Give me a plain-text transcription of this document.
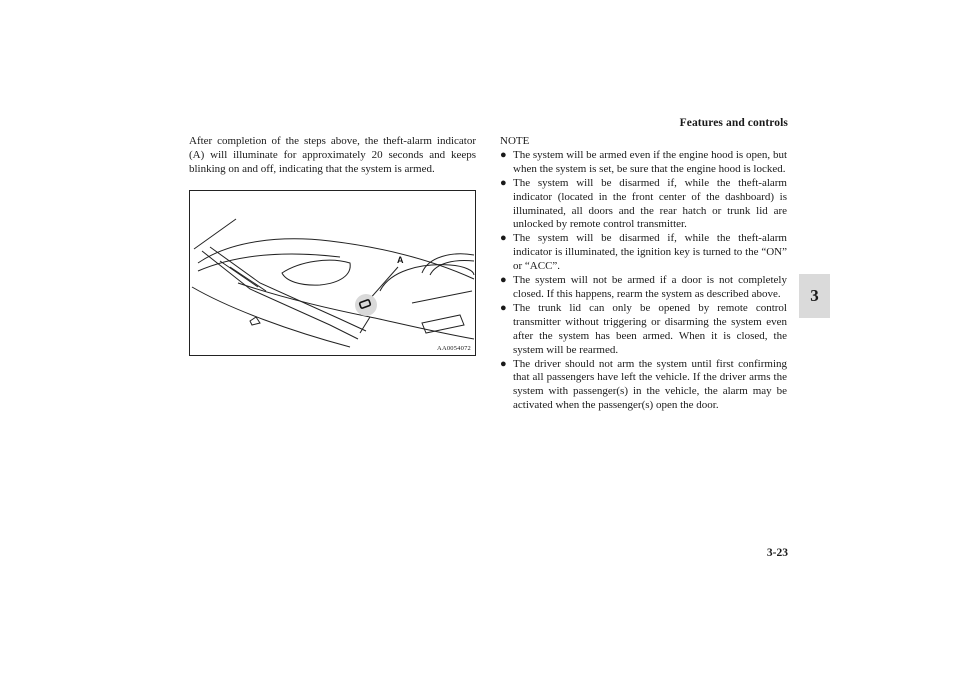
Features and controls
3

After completion of the steps above, the theft-alarm indicator (A) will illuminate for approximately 20 seconds and keeps blinking on and off, indicating that the system is armed.

A
AA0054072

NOTE

● The system will be armed even if the engine hood is open, but when the system is set, be sure that the engine hood is locked.
● The system will be disarmed if, while the theft-alarm indicator (located in the front center of the dashboard) is illuminated, all doors and the rear hatch or trunk lid are unlocked by remote control transmitter.
● The system will be disarmed if, while the theft-alarm indicator is illuminated, the ignition key is turned to the “ON” or “ACC”.
● The system will not be armed if a door is not completely closed. If this happens, rearm the system as described above.
● The trunk lid can only be opened by remote control transmitter without triggering or disarming the system even after the system has been armed. When it is closed, the system will be rearmed.
● The driver should not arm the system until first confirming that all passengers have left the vehicle. If the driver arms the system with passenger(s) in the vehicle, the alarm may be activated when the passenger(s) open the door.
3-23
